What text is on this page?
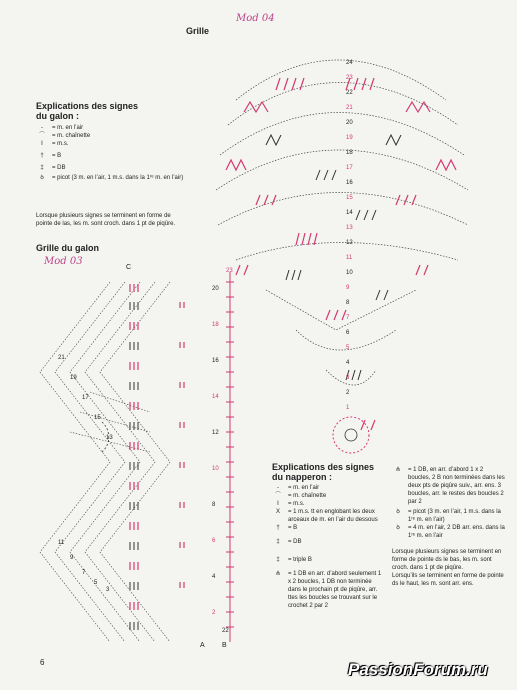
Grille
Mod 04
24
23
22
21
20
19
18
17
16
15
14
13
12
11
10
9
8
7
6
5
4
3
2
1
Explications des signes
du galon :
-	= m. en l’air
⌒	= m. chaînette
I	= m.s.
†	= B
‡	= DB
ꝺ	= picot (3 m. en l’air, 1 m.s. dans la 1ʳᵉ m. en l’air)
Lorsque plusieurs signes se terminent en forme de pointe de las, les m. sont croch. dans 1 pt de piqûre.
Grille du galon
Mod 03
21
19
17
15
13
11
9
7
5
3
23
20
18
16
14
12
10
8
6
4
2
22
A B
C
Explications des signes
du napperon :
-	= m. en l’air
⌒	= m. chaînette
I	= m.s.
X	= 1 m.s. tt en englobant les deux arceaux de m. en l’air du dessous
†	= B
‡	= DB
‡	= triple B
⋔	= 1 DB en arr. d’abord seulement 1 x 2 boucles, 1 DB non terminée dans le prochain pt de piqûre, arr. ttes les boucles se trouvant sur le crochet 2 par 2
⋔	= 1 DB, en arr. d’abord 1 x 2 boucles, 2 B non terminées dans les deux pts de piqûre suiv., arr. ens. 3 boucles, arr. le restes des boucles 2 par 2
ꝺ	= picot (3 m. en l’air, 1 m.s. dans la 1ʳᵉ m. en l’air)
ꝺ	= 4 m. en l’air, 2 DB arr. ens. dans la 1ʳᵉ m. en l’air
Lorsque plusieurs signes se terminent en forme de pointe ds le bas, les m. sont croch. dans 1 pt de piqûre.
Lorsqu’ils se terminent en forme de pointe ds le haut, les m. sont arr. ens.
6	PassionForum.ru
